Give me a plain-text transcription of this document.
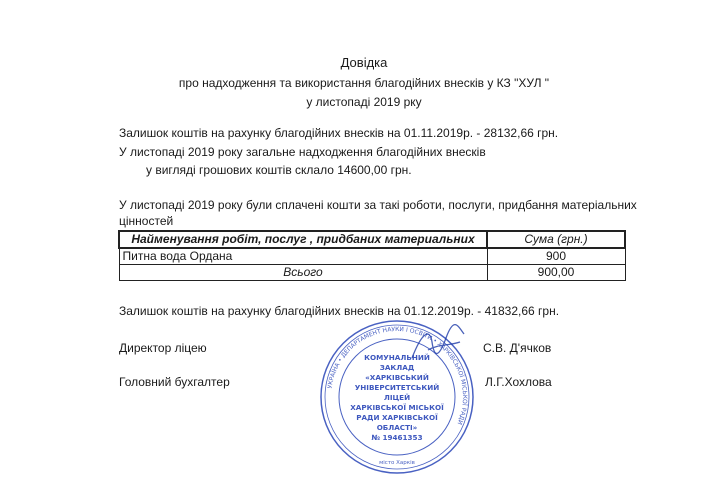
Довідка
про надходження та використання благодійних внесків у КЗ "ХУЛ "
у листопаді 2019 рку
Залишок коштів на рахунку благодійних внесків на 01.11.2019р. - 28132,66 грн.
У листопаді 2019 року загальне надходження благодійних внесків
у вигляді грошових коштів склало 14600,00 грн.
У листопаді 2019 року були сплачені кошти за такі роботи, послуги, придбання матеріальних
цінностей
Найменування робіт, послуг , придбаних материальних	Сума (грн.)
Питна вода Ордана	900
Всього	900,00
Залишок коштів на рахунку благодійних внесків на 01.12.2019р. - 41832,66 грн.
Директор ліцею	С.В. Д'ячков
Головний бухгалтер	Л.Г.Хохлова
УКРАЇНА • ДЕПАРТАМЕНТ НАУКИ І ОСВІТИ • ХАРКІВСЬКОЇ МІСЬКОЇ РАДИ
КОМУНАЛЬНИЙ
ЗАКЛАД
«ХАРКІВСЬКИЙ
УНІВЕРСИТЕТСЬКИЙ
ЛІЦЕЙ
ХАРКІВСЬКОЇ МІСЬКОЇ
РАДИ ХАРКІВСЬКОЇ
ОБЛАСТІ»
№ 19461353
місто Харків
